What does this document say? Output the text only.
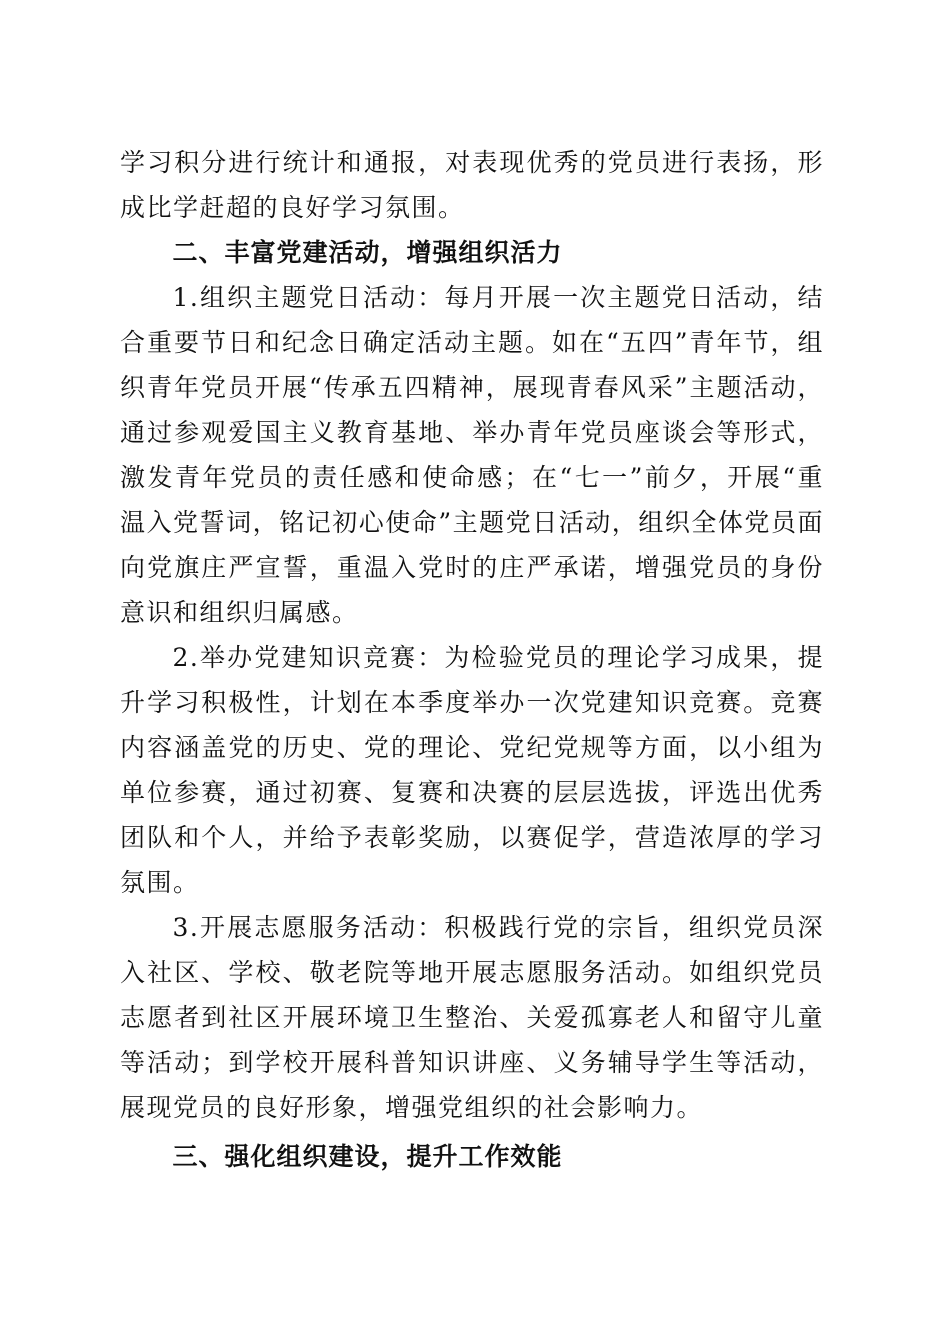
学习积分进行统计和通报，对表现优秀的党员进行表扬，形成比学赶超的良好学习氛围。

二、丰富党建活动，增强组织活力

1.组织主题党日活动：每月开展一次主题党日活动，结合重要节日和纪念日确定活动主题。如在“五四”青年节，组织青年党员开展“传承五四精神，展现青春风采”主题活动，通过参观爱国主义教育基地、举办青年党员座谈会等形式，激发青年党员的责任感和使命感；在“七一”前夕，开展“重温入党誓词，铭记初心使命”主题党日活动，组织全体党员面向党旗庄严宣誓，重温入党时的庄严承诺，增强党员的身份意识和组织归属感。

2.举办党建知识竞赛：为检验党员的理论学习成果，提升学习积极性，计划在本季度举办一次党建知识竞赛。竞赛内容涵盖党的历史、党的理论、党纪党规等方面，以小组为单位参赛，通过初赛、复赛和决赛的层层选拔，评选出优秀团队和个人，并给予表彰奖励，以赛促学，营造浓厚的学习氛围。

3.开展志愿服务活动：积极践行党的宗旨，组织党员深入社区、学校、敬老院等地开展志愿服务活动。如组织党员志愿者到社区开展环境卫生整治、关爱孤寡老人和留守儿童等活动；到学校开展科普知识讲座、义务辅导学生等活动，展现党员的良好形象，增强党组织的社会影响力。

三、强化组织建设，提升工作效能
